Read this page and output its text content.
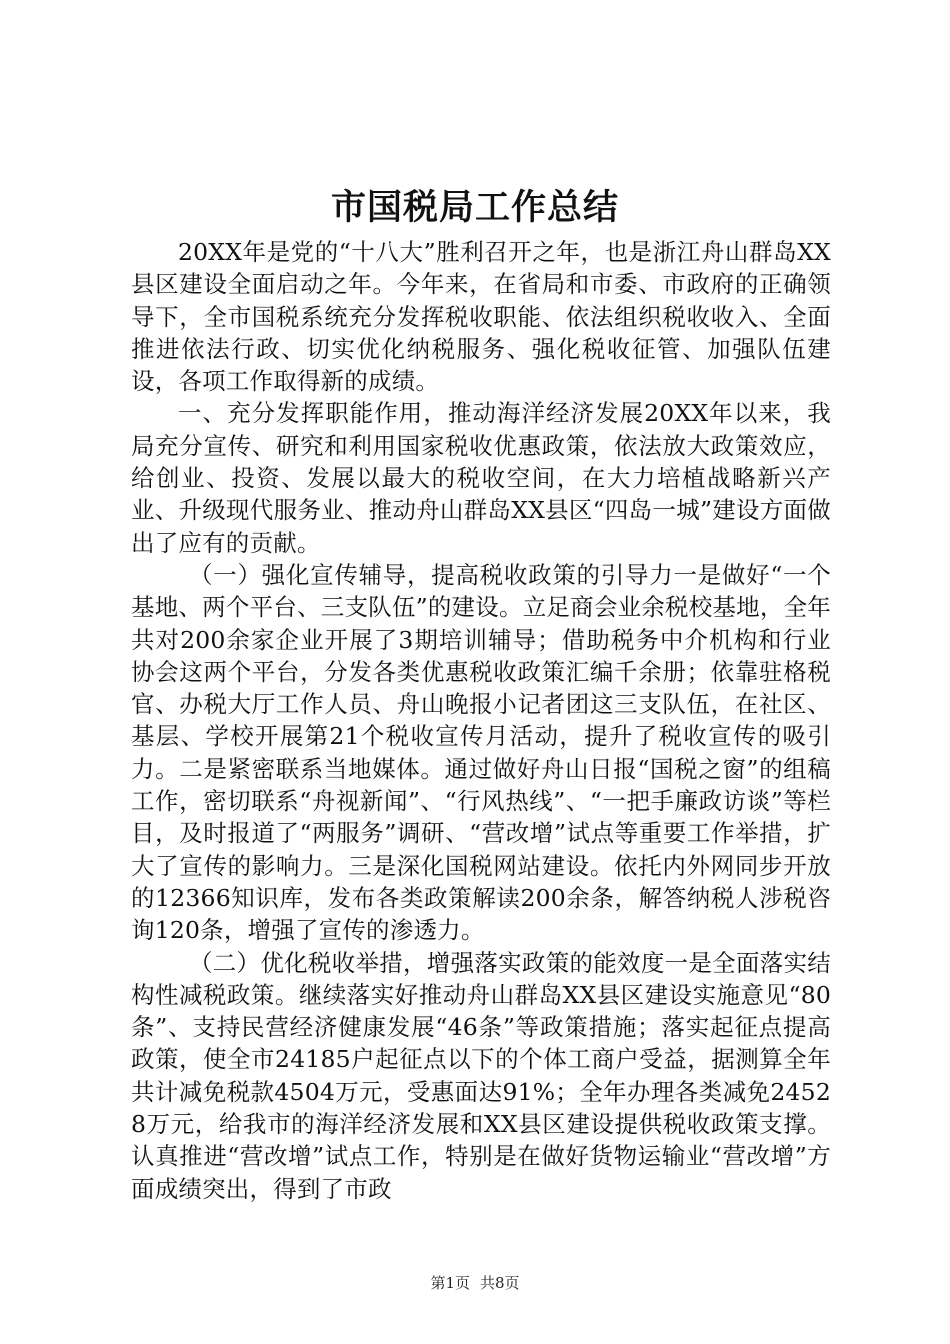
市国税局工作总结

20XX年是党的“十八大”胜利召开之年，也是浙江舟山群岛XX县区建设全面启动之年。今年来，在省局和市委、市政府的正确领导下，全市国税系统充分发挥税收职能、依法组织税收收入、全面推进依法行政、切实优化纳税服务、强化税收征管、加强队伍建设，各项工作取得新的成绩。

一、充分发挥职能作用，推动海洋经济发展20XX年以来，我局充分宣传、研究和利用国家税收优惠政策，依法放大政策效应，给创业、投资、发展以最大的税收空间，在大力培植战略新兴产业、升级现代服务业、推动舟山群岛XX县区“四岛一城”建设方面做出了应有的贡献。

（一）强化宣传辅导，提高税收政策的引导力一是做好“一个基地、两个平台、三支队伍”的建设。立足商会业余税校基地，全年共对200余家企业开展了3期培训辅导；借助税务中介机构和行业协会这两个平台，分发各类优惠税收政策汇编千余册；依靠驻格税官、办税大厅工作人员、舟山晚报小记者团这三支队伍，在社区、基层、学校开展第21个税收宣传月活动，提升了税收宣传的吸引力。二是紧密联系当地媒体。通过做好舟山日报“国税之窗”的组稿工作，密切联系“舟视新闻”、“行风热线”、“一把手廉政访谈”等栏目，及时报道了“两服务”调研、“营改增”试点等重要工作举措，扩大了宣传的影响力。三是深化国税网站建设。依托内外网同步开放的12366知识库，发布各类政策解读200余条，解答纳税人涉税咨询120条，增强了宣传的渗透力。

（二）优化税收举措，增强落实政策的能效度一是全面落实结构性减税政策。继续落实好推动舟山群岛XX县区建设实施意见“80条”、支持民营经济健康发展“46条”等政策措施；落实起征点提高政策，使全市24185户起征点以下的个体工商户受益，据测算全年共计减免税款4504万元，受惠面达91%；全年办理各类减免24528万元，给我市的海洋经济发展和XX县区建设提供税收政策支撑。认真推进“营改增”试点工作，特别是在做好货物运输业“营改增”方面成绩突出，得到了市政

第1页 共8页
